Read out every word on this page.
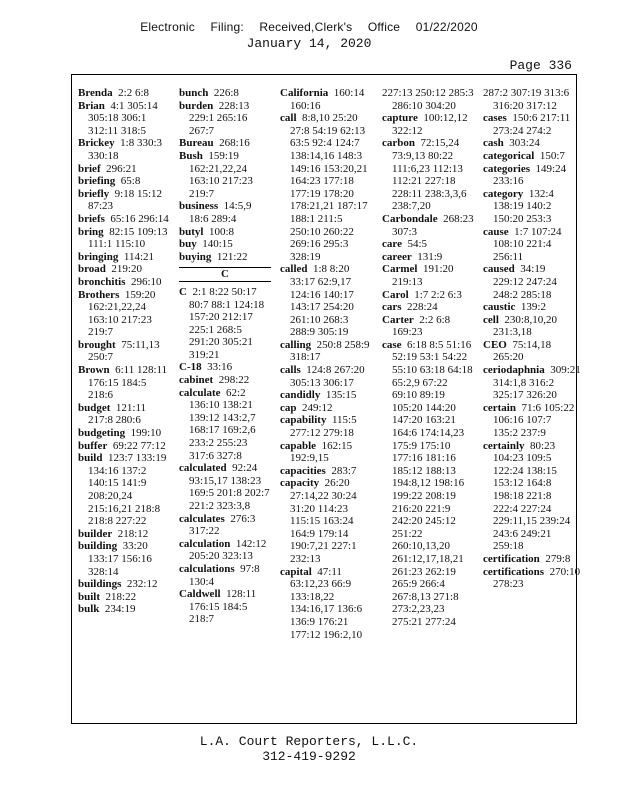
Electronic Filing: Received,Clerk's Office 01/22/2020
January 14, 2020
Page 336
Brenda 2:2 6:8
Brian 4:1 305:14 305:18 306:1 312:11 318:5
Brickey 1:8 330:3 330:18
brief 296:21
briefing 65:8
briefly 9:18 15:12 87:23
briefs 65:16 296:14
bring 82:15 109:13 111:1 115:10
bringing 114:21
broad 219:20
bronchitis 296:10
Brothers 159:20 162:21,22,24 163:10 217:23 219:7
brought 75:11,13 250:7
Brown 6:11 128:11 176:15 184:5 218:6
budget 121:11 217:8 280:6
budgeting 199:10
buffer 69:22 77:12
build 123:7 133:19 134:16 137:2 140:15 141:9 208:20,24 215:16,21 218:8 218:8 227:22
builder 218:12
building 33:20 133:17 156:16 328:14
buildings 232:12
built 218:22
bulk 234:19
bunch 226:8
burden 228:13 229:1 265:16 267:7
Bureau 268:16
Bush 159:19 162:21,22,24 163:10 217:23 219:7
business 14:5,9 18:6 289:4
butyl 100:8
buy 140:15
buying 121:22
C
C 2:1 8:22 50:17 80:7 88:1 124:18 157:20 212:17 225:1 268:5 291:20 305:21 319:21
C-18 33:16
cabinet 298:22
calculate 62:2 136:10 138:21 139:12 143:2,7 168:17 169:2,6 233:2 255:23 317:6 327:8
calculated 92:24 93:15,17 138:23 169:5 201:8 202:7 221:2 323:3,8
calculates 276:3 317:22
calculation 142:12 205:20 323:13
calculations 97:8 130:4
Caldwell 128:11 176:15 184:5 218:7
California 160:14 160:16
call 8:8,10 25:20 27:8 54:19 62:13 63:5 92:4 124:7 138:14,16 148:3 149:16 153:20,21 164:23 177:18 177:19 178:20 178:21,21 187:17 188:1 211:5 250:10 260:22 269:16 295:3 328:19
called 1:8 8:20 33:17 62:9,17 124:16 140:17 143:17 254:20 261:10 268:3 288:9 305:19
calling 250:8 258:9 318:17
calls 124:8 267:20 305:13 306:17
candidly 135:15
cap 249:12
capability 115:5 277:12 279:18
capable 162:15 192:9,15
capacities 283:7
capacity 26:20 27:14,22 30:24 31:20 114:23 115:15 163:24 164:9 179:14 190:7,21 227:1 232:13
capital 47:11 63:12,23 66:9 133:18,22 134:16,17 136:6 136:9 176:21 177:12 196:2,10
227:13 250:12 285:3 286:10 304:20
capture 100:12,12 322:12
carbon 72:15,24 73:9,13 80:22 111:6,23 112:13 112:21 227:18 228:11 238:3,3,6 238:7,20
Carbondale 268:23 307:3
care 54:5
career 131:9
Carmel 191:20 219:13
Carol 1:7 2:2 6:3
cars 228:24
Carter 2:2 6:8 169:23
case 6:18 8:5 51:16 52:19 53:1 54:22 55:10 63:18 64:18 65:2,9 67:22 69:10 89:19 105:20 144:20 147:20 163:21 164:6 174:14,23 175:9 175:10 177:16 181:16 185:12 188:13 194:8,12 198:16 199:22 208:19 216:20 221:9 242:20 245:12 251:22 260:10,13,20 261:12,17,18,21 261:23 262:19 265:9 266:4 267:8,13 271:8 273:2,23,23 275:21 277:24
287:2 307:19 313:6 316:20 317:12
cases 150:6 217:11 273:24 274:2
cash 303:24
categorical 150:7
categories 149:24 233:16
category 132:4 138:19 140:2 150:20 253:3
cause 1:7 107:24 108:10 221:4 256:11
caused 34:19 229:12 247:24 248:2 285:18
caustic 139:2
cell 230:8,10,20 231:3,18
CEO 75:14,18 265:20
ceriodaphnia 309:21 314:1,8 316:2 325:17 326:20
certain 71:6 105:22 106:16 107:7 135:2 237:9
certainly 80:23 104:23 109:5 122:24 138:15 153:12 164:8 198:18 221:8 222:4 227:24 229:11,15 239:24 243:6 249:21 259:18
certification 279:8
certifications 270:10 278:23
L.A. Court Reporters, L.L.C.
312-419-9292
